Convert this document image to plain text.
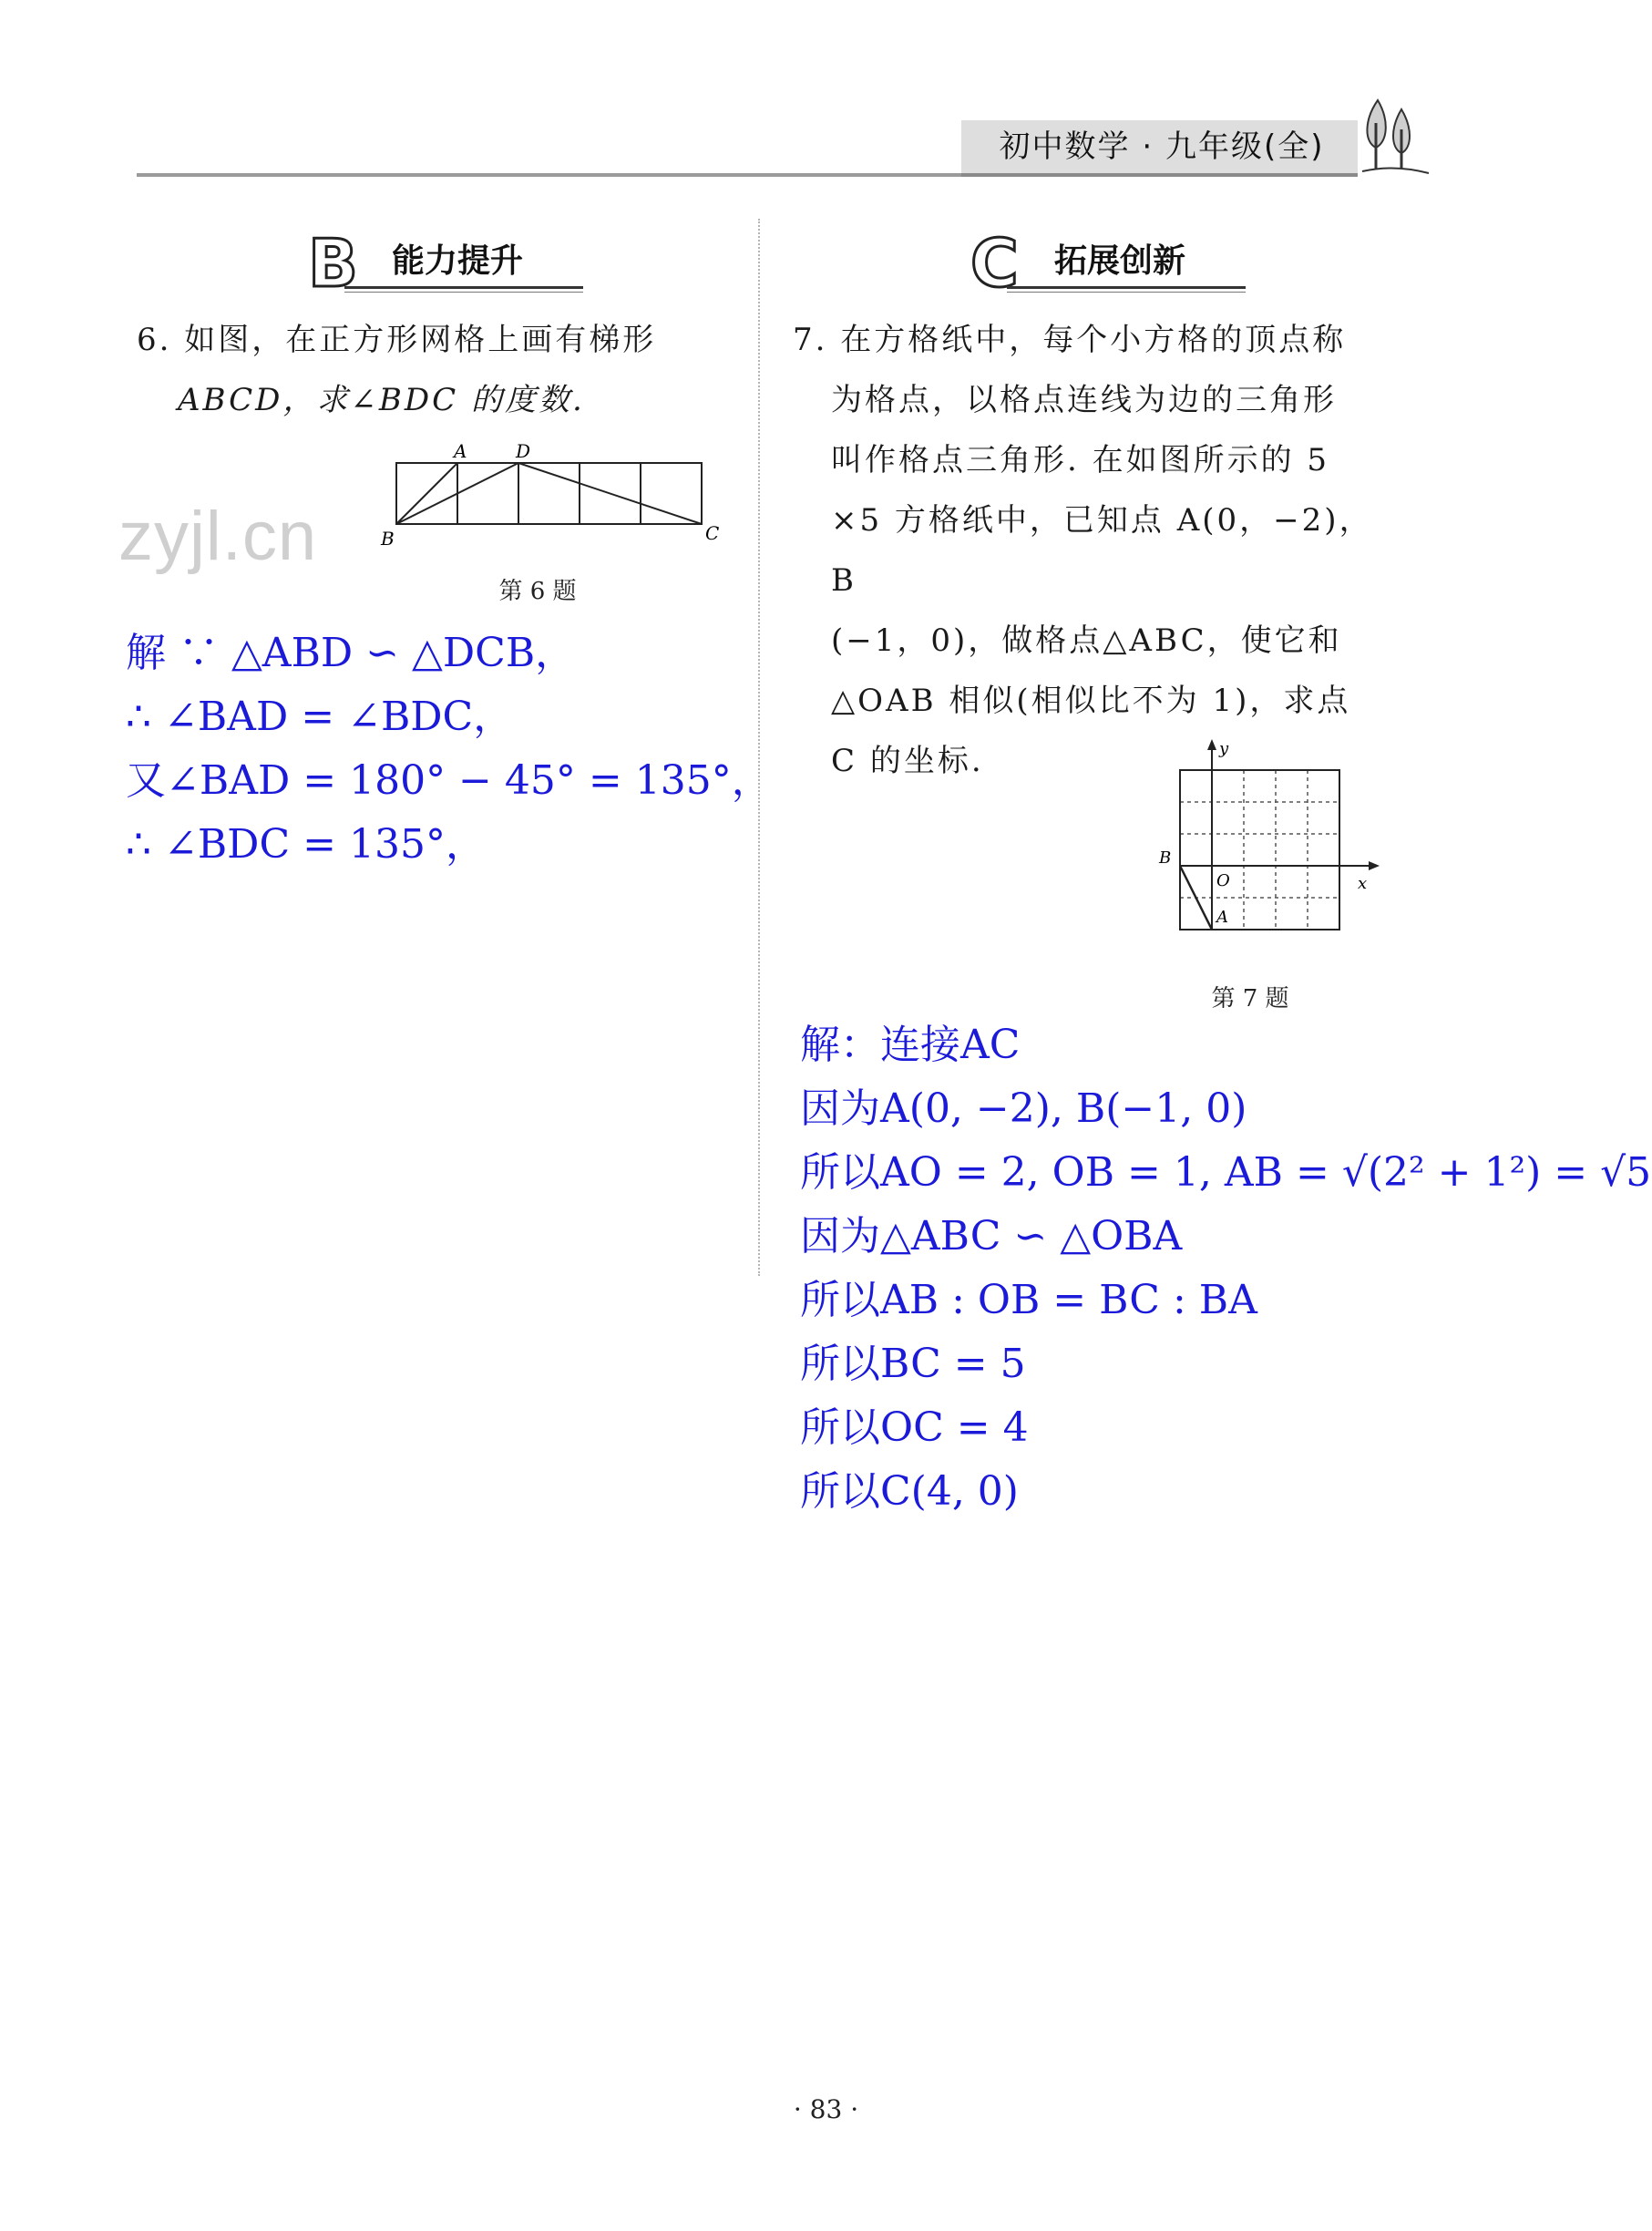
初中数学 · 九年级(全)
B 能力提升
6. 如图，在正方形网格上画有梯形
ABCD，求∠BDC 的度数.
A	D
B	C
第 6 题
zyjl.cn
解 ∵ △ABD ∽ △DCB，
∴ ∠BAD = ∠BDC，
又∠BAD = 180° − 45° = 135°，
∴ ∠BDC = 135°，
C 拓展创新
7. 在方格纸中，每个小方格的顶点称
为格点，以格点连线为边的三角形
叫作格点三角形. 在如图所示的 5
×5 方格纸中，已知点 A(0，−2)，B
(−1，0)，做格点△ABC，使它和
△OAB 相似(相似比不为 1)，求点
C 的坐标.	y
x
B
O
A
第 7 题
解：连接AC
因为A(0, −2), B(−1, 0)
所以AO = 2, OB = 1, AB = √(2² + 1²) = √5
因为△ABC ∽ △OBA
所以AB : OB = BC : BA
所以BC = 5
所以OC = 4
所以C(4, 0)
· 83 ·
